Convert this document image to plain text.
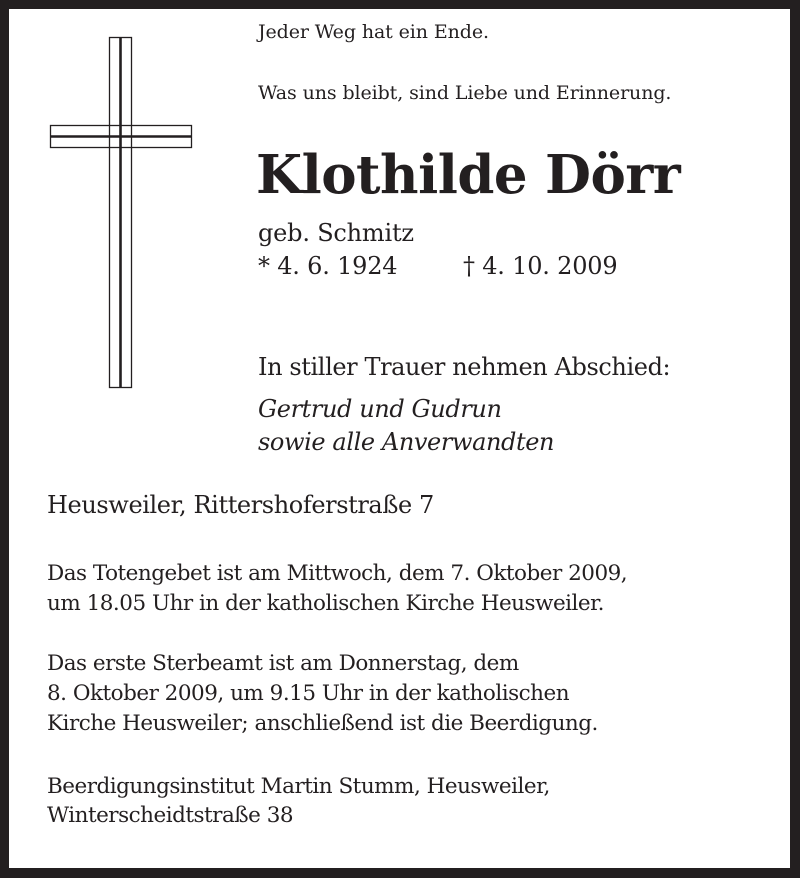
Jeder Weg hat ein Ende.

Was uns bleibt, sind Liebe und Erinnerung.

Klothilde Dörr

geb. Schmitz

* 4. 6. 1924	† 4. 10. 2009

In stiller Trauer nehmen Abschied:

Gertrud und Gudrun

sowie alle Anverwandten

Heusweiler, Rittershoferstraße 7

Das Totengebet ist am Mittwoch, dem 7. Oktober 2009,

um 18.05 Uhr in der katholischen Kirche Heusweiler.

Das erste Sterbeamt ist am Donnerstag, dem

8. Oktober 2009, um 9.15 Uhr in der katholischen

Kirche Heusweiler; anschließend ist die Beerdigung.

Beerdigungsinstitut Martin Stumm, Heusweiler,

Winterscheidtstraße 38
